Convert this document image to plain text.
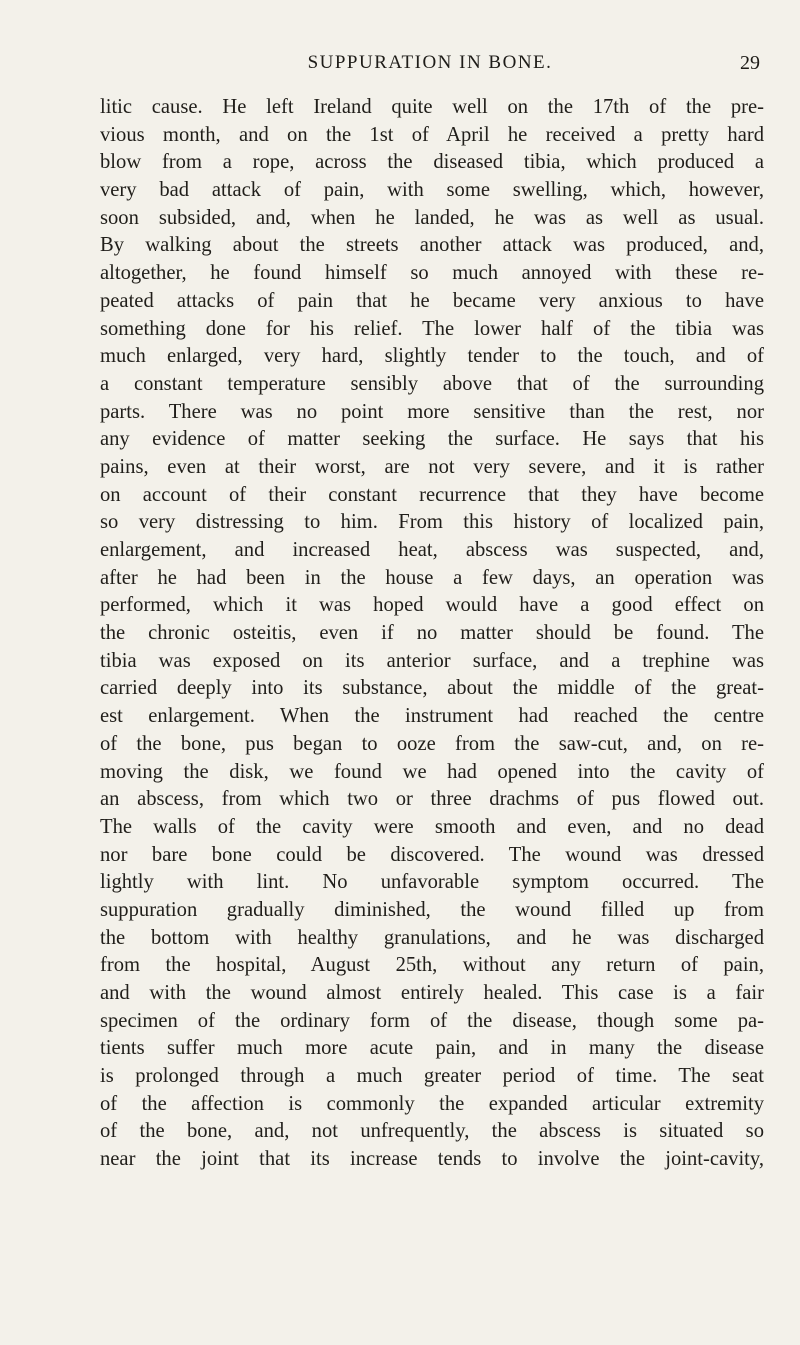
SUPPURATION IN BONE.	29
litic cause. He left Ireland quite well on the 17th of the pre-
vious month, and on the 1st of April he received a pretty hard
blow from a rope, across the diseased tibia, which produced a
very bad attack of pain, with some swelling, which, however,
soon subsided, and, when he landed, he was as well as usual.
By walking about the streets another attack was produced, and,
altogether, he found himself so much annoyed with these re-
peated attacks of pain that he became very anxious to have
something done for his relief. The lower half of the tibia was
much enlarged, very hard, slightly tender to the touch, and of
a constant temperature sensibly above that of the surrounding
parts. There was no point more sensitive than the rest, nor
any evidence of matter seeking the surface. He says that his
pains, even at their worst, are not very severe, and it is rather
on account of their constant recurrence that they have become
so very distressing to him. From this history of localized pain,
enlargement, and increased heat, abscess was suspected, and,
after he had been in the house a few days, an operation was
performed, which it was hoped would have a good effect on
the chronic osteitis, even if no matter should be found. The
tibia was exposed on its anterior surface, and a trephine was
carried deeply into its substance, about the middle of the great-
est enlargement. When the instrument had reached the centre
of the bone, pus began to ooze from the saw-cut, and, on re-
moving the disk, we found we had opened into the cavity of
an abscess, from which two or three drachms of pus flowed out.
The walls of the cavity were smooth and even, and no dead
nor bare bone could be discovered. The wound was dressed
lightly with lint. No unfavorable symptom occurred. The
suppuration gradually diminished, the wound filled up from
the bottom with healthy granulations, and he was discharged
from the hospital, August 25th, without any return of pain,
and with the wound almost entirely healed. This case is a fair
specimen of the ordinary form of the disease, though some pa-
tients suffer much more acute pain, and in many the disease
is prolonged through a much greater period of time. The seat
of the affection is commonly the expanded articular extremity
of the bone, and, not unfrequently, the abscess is situated so
near the joint that its increase tends to involve the joint-cavity,
